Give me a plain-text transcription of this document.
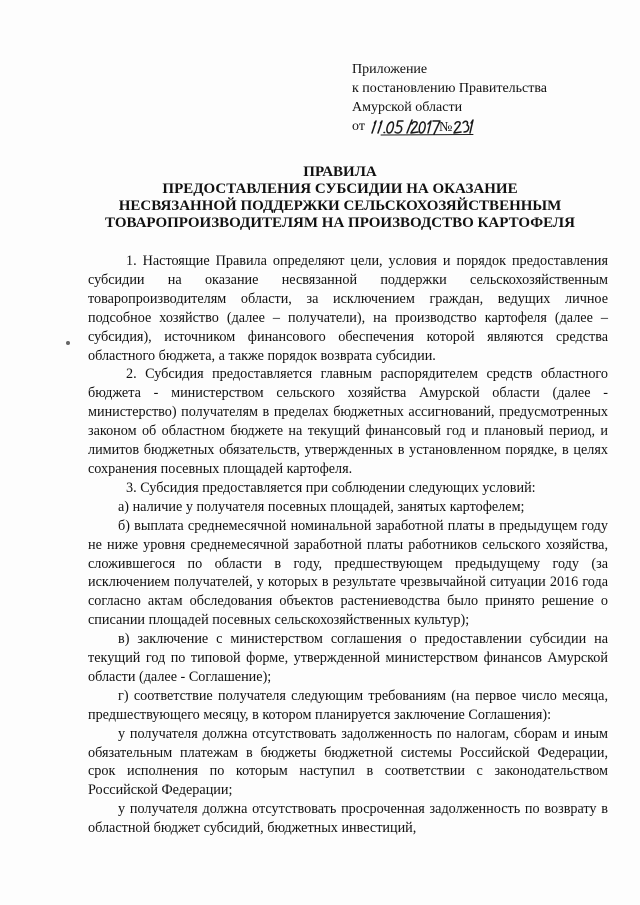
Приложение
к постановлению Правительства
Амурской области
от	№
ПРАВИЛА
ПРЕДОСТАВЛЕНИЯ СУБСИДИИ НА ОКАЗАНИЕ
НЕСВЯЗАННОЙ ПОДДЕРЖКИ СЕЛЬСКОХОЗЯЙСТВЕННЫМ
ТОВАРОПРОИЗВОДИТЕЛЯМ НА ПРОИЗВОДСТВО КАРТОФЕЛЯ

1. Настоящие Правила определяют цели, условия и порядок предоставления субсидии на оказание несвязанной поддержки сельскохозяйственным товаропроизводителям области, за исключением граждан, ведущих личное подсобное хозяйство (далее – получатели), на производство картофеля (далее – субсидия), источником финансового обеспечения которой являются средства областного бюджета, а также порядок возврата субсидии.

2. Субсидия предоставляется главным распорядителем средств областного бюджета - министерством сельского хозяйства Амурской области (далее - министерство) получателям в пределах бюджетных ассигнований, предусмотренных законом об областном бюджете на текущий финансовый год и плановый период, и лимитов бюджетных обязательств, утвержденных в установленном порядке, в целях сохранения посевных площадей картофеля.

3. Субсидия предоставляется при соблюдении следующих условий:

а) наличие у получателя посевных площадей, занятых картофелем;

б) выплата среднемесячной номинальной заработной платы в предыдущем году не ниже уровня среднемесячной заработной платы работников сельского хозяйства, сложившегося по области в году, предшествующем предыдущему году (за исключением получателей, у которых в результате чрезвычайной ситуации 2016 года согласно актам обследования объектов растениеводства было принято решение о списании площадей посевных сельскохозяйственных культур);

в) заключение с министерством соглашения о предоставлении субсидии на текущий год по типовой форме, утвержденной министерством финансов Амурской области (далее - Соглашение);

г) соответствие получателя следующим требованиям (на первое число месяца, предшествующего месяцу, в котором планируется заключение Соглашения):

у получателя должна отсутствовать задолженность по налогам, сборам и иным обязательным платежам в бюджеты бюджетной системы Российской Федерации, срок исполнения по которым наступил в соответствии с законодательством Российской Федерации;

у получателя должна отсутствовать просроченная задолженность по возврату в областной бюджет субсидий, бюджетных инвестиций,
